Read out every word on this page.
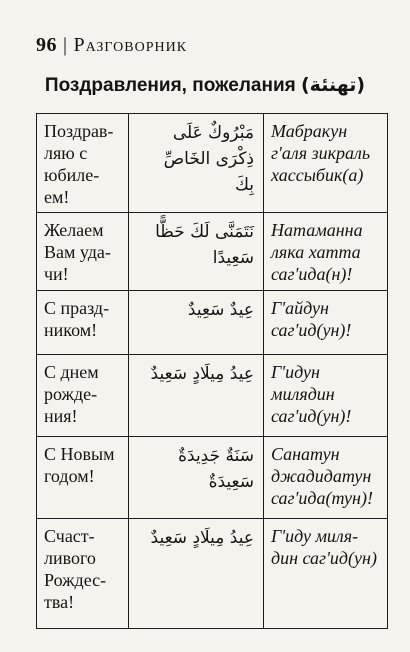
96 | Разговорник
Поздравления, пожелания (تهنئة)
Поздрав-
ляю с
юбиле-
ем!	مَبْرُوكٌ عَلَى
ذِكْرَى الخَاصِّ
بِكَ	Мабракун
г'аля зикраль
хассыбик(а)

Желаем
Вам уда-
чи!	نَتَمَنَّى لَكَ حَظًّا
سَعِيدًا	Натаманна
ляка хатта
саг'ида(н)!

С празд-
ником!	عِيدٌ سَعِيدٌ	Г'айдун
саг'ид(ун)!

С днем
рожде-
ния!	عِيدُ مِيلَادٍ سَعِيدٌ	Г'идун
милядин
саг'ид(ун)!

С Новым
годом!	سَنَةٌ جَدِيدَةٌ
سَعِيدَةٌ	Санатун
джадидатун
саг'ида(тун)!

Счаст-
ливого
Рождес-
тва!	عِيدُ مِيلَادٍ سَعِيدٌ	Г'иду миля-
дин саг'ид(ун)
